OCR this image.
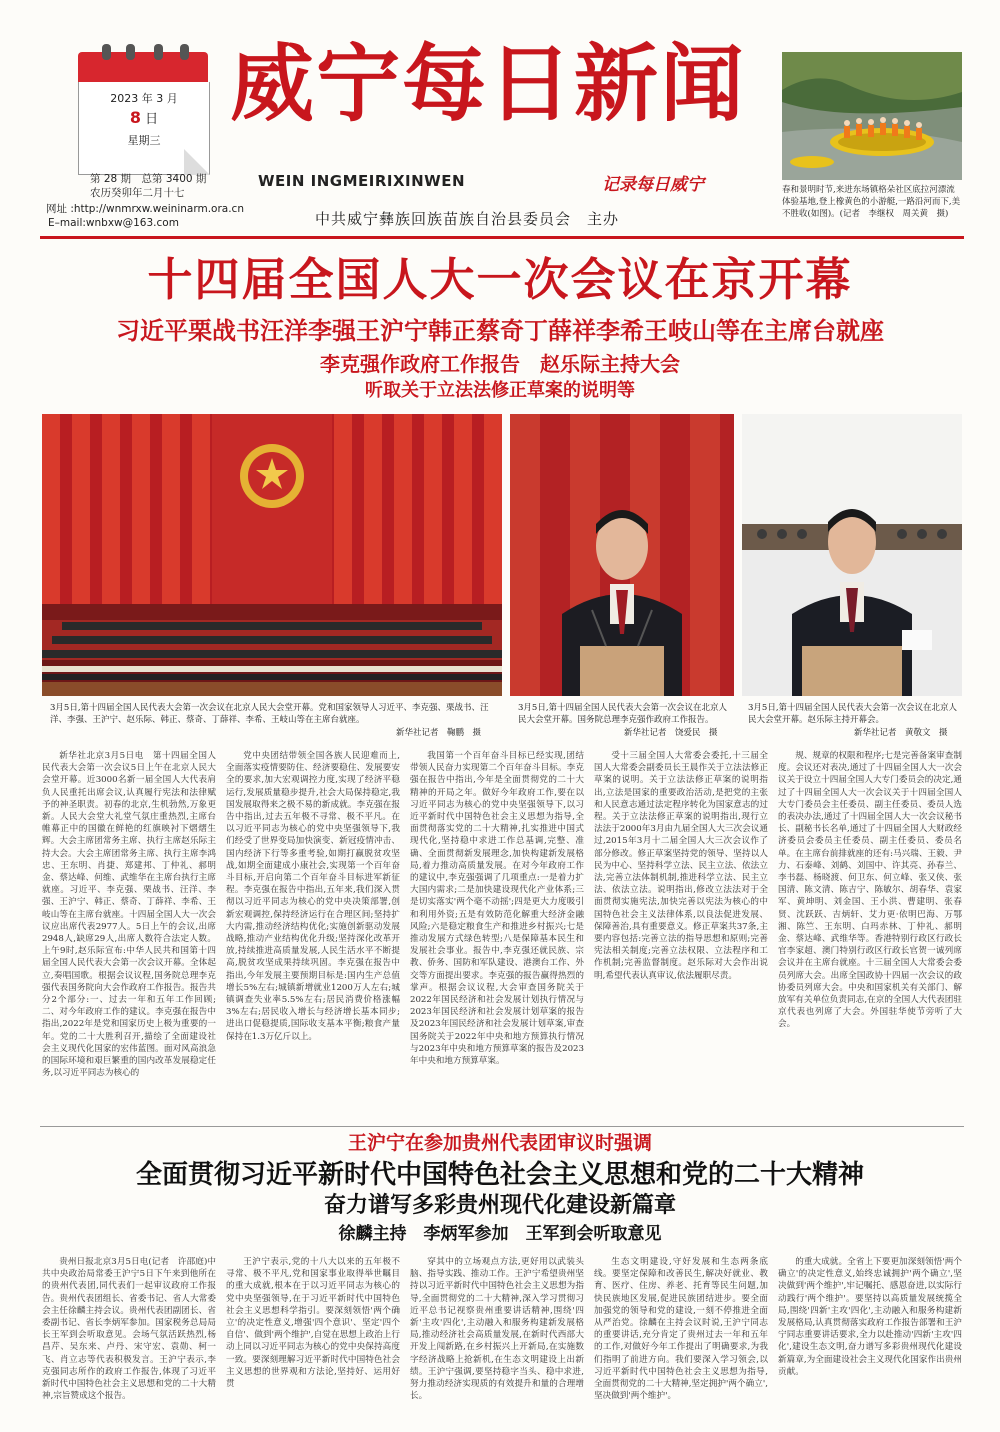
2023 年 3 月
8 日
星期三
第 28 期　总第 3400 期
农历癸卯年二月十七
网址 :http://wnmrxw.weininarm.ora.cn
E–mail:wnbxw@163.com
威宁每日新闻
WEIN INGMEIRIXINWEN	记录每日威宁
中共威宁彝族回族苗族自治县委员会　主办
春和景明时节,来进东场镇格朵社区底拉河漂流体验基地,登上橡黄色的小游艇,一路沿河而下,美不胜收(如图)。(记者　李继权　周关黄　摄)
十四届全国人大一次会议在京开幕
习近平栗战书汪洋李强王沪宁韩正蔡奇丁薛祥李希王岐山等在主席台就座
李克强作政府工作报告　赵乐际主持大会
听取关于立法法修正草案的说明等
3月5日,第十四届全国人民代表大会第一次会议在北京人民大会堂开幕。党和国家领导人习近平、李克强、栗战书、汪洋、李强、王沪宁、赵乐际、韩正、蔡奇、丁薛祥、李希、王岐山等在主席台就座。
新华社记者　鞠鹏　摄
3月5日,第十四届全国人民代表大会第一次会议在北京人民大会堂开幕。国务院总理李克强作政府工作报告。
新华社记者　饶爱民　摄
3月5日,第十四届全国人民代表大会第一次会议在北京人民大会堂开幕。赵乐际主持开幕会。
新华社记者　黄敬文　摄

新华社北京3月5日电　第十四届全国人民代表大会第一次会议5日上午在北京人民大会堂开幕。近3000名新一届全国人大代表肩负人民重托出席会议,认真履行宪法和法律赋予的神圣职责。初春的北京,生机勃然,万象更新。人民大会堂大礼堂气氛庄重热烈,主席台帷幕正中的国徽在鲜艳的红旗映衬下熠熠生辉。大会主席团常务主席、执行主席赵乐际主持大会。大会主席团常务主席、执行主席李鸿忠、王东明、肖捷、郑建邦、丁仲礼、郝明金、蔡达峰、何维、武维华在主席台执行主席就座。习近平、李克强、栗战书、汪洋、李强、王沪宁、韩正、蔡奇、丁薛祥、李希、王岐山等在主席台就座。十四届全国人大一次会议应出席代表2977人。5日上午的会议,出席2948人,缺席29人,出席人数符合法定人数。上午9时,赵乐际宣布:中华人民共和国第十四届全国人民代表大会第一次会议开幕。全体起立,奏唱国歌。根据会议议程,国务院总理李克强代表国务院向大会作政府工作报告。报告共分2个部分:一、过去一年和五年工作回顾;二、对今年政府工作的建议。李克强在报告中指出,2022年是党和国家历史上极为重要的一年。党的二十大胜利召开,描绘了全面建设社会主义现代化国家的宏伟蓝图。面对风高浪急的国际环境和艰巨繁重的国内改革发展稳定任务,以习近平同志为核心的

党中央团结带领全国各族人民迎难而上,全面落实疫情要防住、经济要稳住、发展要安全的要求,加大宏观调控力度,实现了经济平稳运行,发展质量稳步提升,社会大局保持稳定,我国发展取得来之极不易的新成就。李克强在报告中指出,过去五年极不寻常、极不平凡。在以习近平同志为核心的党中央坚强领导下,我们经受了世界变局加快演变、新冠疫情冲击、国内经济下行等多重考验,如期打赢脱贫攻坚战,如期全面建成小康社会,实现第一个百年奋斗目标,开启向第二个百年奋斗目标进军新征程。李克强在报告中指出,五年来,我们深入贯彻以习近平同志为核心的党中央决策部署,创新宏观调控,保持经济运行在合理区间;坚持扩大内需,推动经济结构优化;实施创新驱动发展战略,推动产业结构优化升级;坚持深化改革开放,持续推进高质量发展,人民生活水平不断提高,脱贫攻坚成果持续巩固。李克强在报告中指出,今年发展主要预期目标是:国内生产总值增长5%左右;城镇新增就业1200万人左右;城镇调查失业率5.5%左右;居民消费价格涨幅3%左右;居民收入增长与经济增长基本同步;进出口促稳提质,国际收支基本平衡;粮食产量保持在1.3万亿斤以上。

我国第一个百年奋斗目标已经实现,团结带领人民奋力实现第二个百年奋斗目标。李克强在报告中指出,今年是全面贯彻党的二十大精神的开局之年。做好今年政府工作,要在以习近平同志为核心的党中央坚强领导下,以习近平新时代中国特色社会主义思想为指导,全面贯彻落实党的二十大精神,扎实推进中国式现代化,坚持稳中求进工作总基调,完整、准确、全面贯彻新发展理念,加快构建新发展格局,着力推动高质量发展。在对今年政府工作的建议中,李克强强调了几项重点:一是着力扩大国内需求;二是加快建设现代化产业体系;三是切实落实'两个毫不动摇';四是更大力度吸引和利用外资;五是有效防范化解重大经济金融风险;六是稳定粮食生产和推进乡村振兴;七是推动发展方式绿色转型;八是保障基本民生和发展社会事业。报告中,李克强还就民族、宗教、侨务、国防和军队建设、港澳台工作、外交等方面提出要求。李克强的报告赢得热烈的掌声。根据会议议程,大会审查国务院关于2022年国民经济和社会发展计划执行情况与2023年国民经济和社会发展计划草案的报告及2023年国民经济和社会发展计划草案,审查国务院关于2022年中央和地方预算执行情况与2023年中央和地方预算草案的报告及2023年中央和地方预算草案。

受十三届全国人大常委会委托,十三届全国人大常委会副委员长王晨作关于立法法修正草案的说明。关于立法法修正草案的说明指出,立法是国家的重要政治活动,是把党的主张和人民意志通过法定程序转化为国家意志的过程。关于立法法修正草案的说明指出,现行立法法于2000年3月由九届全国人大三次会议通过,2015年3月十二届全国人大三次会议作了部分修改。修正草案坚持党的领导、坚持以人民为中心、坚持科学立法、民主立法、依法立法,完善立法体制机制,推进科学立法、民主立法、依法立法。说明指出,修改立法法对于全面贯彻实施宪法,加快完善以宪法为核心的中国特色社会主义法律体系,以良法促进发展、保障善治,具有重要意义。修正草案共37条,主要内容包括:完善立法的指导思想和原则;完善宪法相关制度;完善立法权限、立法程序和工作机制;完善监督制度。赵乐际对大会作出说明,希望代表认真审议,依法履职尽责。

规、规章的权限和程序;七是完善备案审查制度。会议还对表决,通过了十四届全国人大一次会议关于设立十四届全国人大专门委员会的决定,通过了十四届全国人大一次会议关于十四届全国人大专门委员会主任委员、副主任委员、委员人选的表决办法,通过了十四届全国人大一次会议秘书长、副秘书长名单,通过了十四届全国人大财政经济委员会委员主任委员、副主任委员、委员名单。在主席台前排就座的还有:马兴瑞、王毅、尹力、石泰峰、刘鹤、刘国中、许其亮、孙春兰、李书磊、杨晓渡、何卫东、何立峰、张又侠、张国清、陈文清、陈吉宁、陈敏尔、胡春华、袁家军、黄坤明、刘金国、王小洪、曹建明、张春贤、沈跃跃、吉炳轩、艾力更·依明巴海、万鄂湘、陈竺、王东明、白玛赤林、丁仲礼、郝明金、蔡达峰、武维华等。香港特别行政区行政长官李家超、澳门特别行政区行政长官贺一诚列席会议并在主席台就座。十三届全国人大常委会委员列席大会。出席全国政协十四届一次会议的政协委员列席大会。中央和国家机关有关部门、解放军有关单位负责同志,在京的全国人大代表团驻京代表也列席了大会。外国驻华使节旁听了大会。

王沪宁在参加贵州代表团审议时强调
全面贯彻习近平新时代中国特色社会主义思想和党的二十大精神
奋力谱写多彩贵州现代化建设新篇章
徐麟主持　李炳军参加　王军到会听取意见

贵州日报北京3月5日电(记者　许邵庭)中共中央政治局常委王沪宁5日下午来到他所在的贵州代表团,同代表们一起审议政府工作报告。贵州代表团组长、省委书记、省人大常委会主任徐麟主持会议。贵州代表团副团长、省委副书记、省长李炳军参加。国家税务总局局长王军到会听取意见。会场气氛活跃热烈,杨昌芹、吴东来、卢丹、宋守宏、袁勋、柯一飞、肖立志等代表积极发言。王沪宁表示,李克强同志所作的政府工作报告,体现了习近平新时代中国特色社会主义思想和党的二十大精神,宗旨赞成这个报告。

王沪宁表示,党的十八大以来的五年极不寻常、极不平凡,党和国家事业取得举世瞩目的重大成就,根本在于以习近平同志为核心的党中央坚强领导,在于习近平新时代中国特色社会主义思想科学指引。要深刻领悟'两个确立'的决定性意义,增强'四个意识'、坚定'四个自信'、做到'两个维护',自觉在思想上政治上行动上同以习近平同志为核心的党中央保持高度一致。要深刻理解习近平新时代中国特色社会主义思想的世界观和方法论,坚持好、运用好贯

穿其中的立场观点方法,更好用以武装头脑、指导实践、推动工作。王沪宁希望贵州坚持以习近平新时代中国特色社会主义思想为指导,全面贯彻党的二十大精神,深入学习贯彻习近平总书记视察贵州重要讲话精神,围绕'四新'主攻'四化',主动融入和服务构建新发展格局,推动经济社会高质量发展,在新时代西部大开发上闯新路,在乡村振兴上开新局,在实施数字经济战略上抢新机,在生态文明建设上出新绩。王沪宁强调,要坚持稳字当头、稳中求进,努力推动经济实现质的有效提升和量的合理增长。

生态文明建设,守好发展和生态两条底线。要坚定保障和改善民生,解决好就业、教育、医疗、住房、养老、托育等民生问题,加快民族地区发展,促进民族团结进步。要全面加强党的领导和党的建设,一刻不停推进全面从严治党。徐麟在主持会议时说,王沪宁同志的重要讲话,充分肯定了贵州过去一年和五年的工作,对做好今年工作提出了明确要求,为我们指明了前进方向。我们要深入学习领会,以习近平新时代中国特色社会主义思想为指导,全面贯彻党的二十大精神,坚定拥护'两个确立',坚决做到'两个维护'。

的重大成就。全省上下要更加深刻领悟'两个确立'的决定性意义,始终忠诚拥护'两个确立',坚决做到'两个维护',牢记嘱托、感恩奋进,以实际行动践行'两个维护'。要坚持以高质量发展统揽全局,围绕'四新'主攻'四化',主动融入和服务构建新发展格局,认真贯彻落实政府工作报告部署和王沪宁同志重要讲话要求,全力以赴推动'四新'主攻'四化',建设生态文明,奋力谱写多彩贵州现代化建设新篇章,为全面建设社会主义现代化国家作出贵州贡献。
